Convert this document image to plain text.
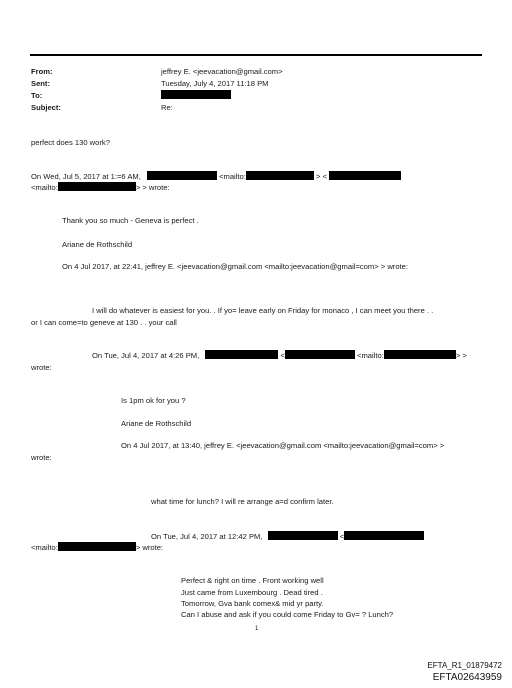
From:	jeffrey E. <jeevacation@gmail.com>
Sent:	Tuesday, July 4, 2017 11:18 PM
To:
Subject:	Re:
perfect does 130 work?
On Wed, Jul 5, 2017 at 1:=6 AM,	<mailto:	> <
<mailto:	> > wrote:
Thank you so much - Geneva is perfect .
Ariane de Rothschild
On 4 Jul 2017, at 22:41, jeffrey E. <jeevacation@gmail.com <mailto:jeevacation@gmail=com> > wrote:
I will do whatever is easiest for you. . If yo= leave early on Friday for monaco , I can meet you there . .
or I can come=to geneve at 130 . . your call
On Tue, Jul 4, 2017 at 4:26 PM,	<	<mailto:	> >
wrote:
Is 1pm ok for you ?
Ariane de Rothschild
On 4 Jul 2017, at 13:40, jeffrey E. <jeevacation@gmail.com <mailto:jeevacation@gmail=com> >
wrote:
what time for lunch? I will re arrange a=d confirm later.
On Tue, Jul 4, 2017 at 12:42 PM,	<
<mailto:	> wrote:
Perfect & right on time . Front working well
Just came from Luxembourg . Dead tired .
Tomorrow, Gva bank comex& mid yr party.
Can I abuse and ask if you could come Friday to Gv= ? Lunch?
1
EFTA_R1_01879472
EFTA02643959
